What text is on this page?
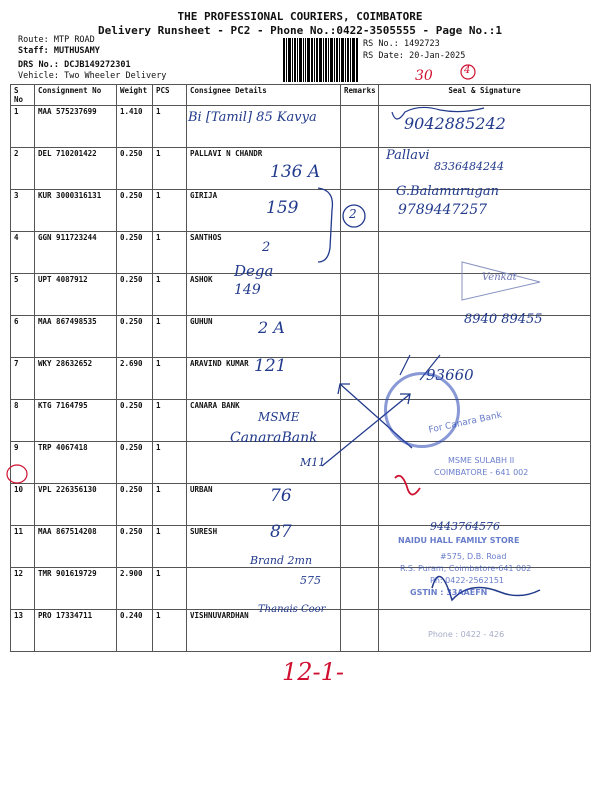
THE PROFESSIONAL COURIERS, COIMBATORE
Delivery Runsheet - PC2 - Phone No.:0422-3505555 - Page No.:1
Route: MTP ROAD
Staff: MUTHUSAMY
DRS No.: DCJB149272301
Vehicle: Two Wheeler Delivery
RS No.: 1492723
RS Date: 20-Jan-2025
S No	Consignment No	Weight	PCS	Consignee Details	Remarks	Seal & Signature
1	MAA 575237699	1.410	1			
2	DEL 710201422	0.250	1	PALLAVI N CHANDR		
3	KUR 3000316131	0.250	1	GIRIJA		
4	GGN 911723244	0.250	1	SANTHOS		
5	UPT 4087912	0.250	1	ASHOK		
6	MAA 867498535	0.250	1	GUHUN		
7	WKY 28632652	2.690	1	ARAVIND KUMAR		
8	KTG 7164795	0.250	1	CANARA BANK		
9	TRP 4067418	0.250	1			
10	VPL 226356130	0.250	1	URBAN		
11	MAA 867514208	0.250	1	SURESH		
12	TMR 901619729	2.900	1			
13	PRO 17334711	0.240	1	VISHNUVARDHAN		
30	4
Bi [Tamil] 85 Kavya	9042885242
Pallavi
8336484244
136 A
G.Balamurugan
9789447257
159	2
2
Dega
149
Venkat
2 A	8940 89455
121	93660
MSME
CanaraBank
M11
76
87	9443764576
Brand 2mn
575
Thanais Coor
12-1-
For Canara Bank
MSME SULABH II
COIMBATORE - 641 002
NAIDU HALL FAMILY STORE
#575, D.B. Road
R.S. Puram, Coimbatore-641 002
Ph: 0422-2562151
GSTIN : 33AAEFN
Phone : 0422 - 426
